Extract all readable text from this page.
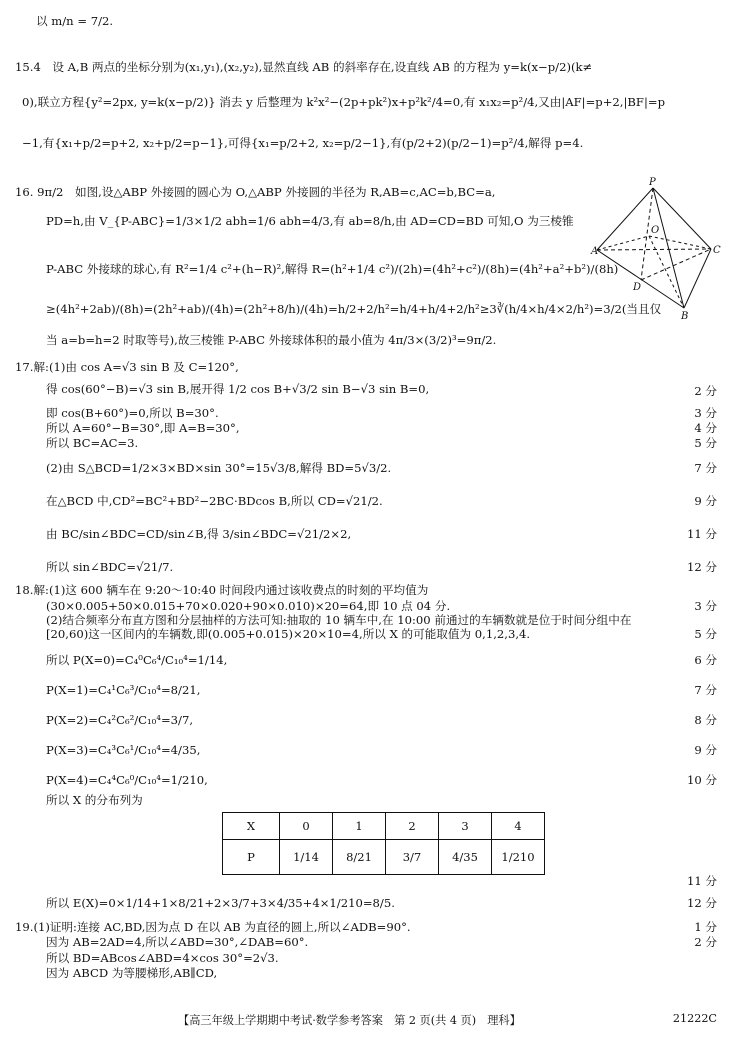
以 m/n = 7/2.
15.4　设 A,B 两点的坐标分别为(x₁,y₁),(x₂,y₂),显然直线 AB 的斜率存在,设直线 AB 的方程为 y=k(x−p/2)(k≠
0),联立方程{y²=2px, y=k(x−p/2)} 消去 y 后整理为 k²x²−(2p+pk²)x+p²k²/4=0,有 x₁x₂=p²/4,又由|AF|=p+2,|BF|=p
−1,有{x₁+p/2=p+2, x₂+p/2=p−1},可得{x₁=p/2+2, x₂=p/2−1},有(p/2+2)(p/2−1)=p²/4,解得 p=4.
16. 9π/2　如图,设△ABP 外接圆的圆心为 O,△ABP 外接圆的半径为 R,AB=c,AC=b,BC=a,
PD=h,由 V_{P-ABC}=1/3×1/2 abh=1/6 abh=4/3,有 ab=8/h,由 AD=CD=BD 可知,O 为三棱锥
P-ABC 外接球的球心,有 R²=1/4 c²+(h−R)²,解得 R=(h²+1/4 c²)/(2h)=(4h²+c²)/(8h)=(4h²+a²+b²)/(8h)
≥(4h²+2ab)/(8h)=(2h²+ab)/(4h)=(2h²+8/h)/(4h)=h/2+2/h²=h/4+h/4+2/h²≥3∛(h/4×h/4×2/h²)=3/2(当且仅
当 a=b=h=2 时取等号),故三棱锥 P-ABC 外接球体积的最小值为 4π/3×(3/2)³=9π/2.
P
A	C
B
D
O
17.解:(1)由 cos A=√3 sin B 及 C=120°,
得 cos(60°−B)=√3 sin B,展开得 1/2 cos B+√3/2 sin B−√3 sin B=0,	2 分
即 cos(B+60°)=0,所以 B=30°.	3 分
所以 A=60°−B=30°,即 A=B=30°,	4 分
所以 BC=AC=3.	5 分
(2)由 S△BCD=1/2×3×BD×sin 30°=15√3/8,解得 BD=5√3/2.	7 分
在△BCD 中,CD²=BC²+BD²−2BC·BDcos B,所以 CD=√21/2.	9 分
由 BC/sin∠BDC=CD/sin∠B,得 3/sin∠BDC=√21/2×2,	11 分
所以 sin∠BDC=√21/7.	12 分
18.解:(1)这 600 辆车在 9:20～10:40 时间段内通过该收费点的时刻的平均值为
(30×0.005+50×0.015+70×0.020+90×0.010)×20=64,即 10 点 04 分.	3 分
(2)结合频率分布直方图和分层抽样的方法可知:抽取的 10 辆车中,在 10:00 前通过的车辆数就是位于时间分组中在
[20,60)这一区间内的车辆数,即(0.005+0.015)×20×10=4,所以 X 的可能取值为 0,1,2,3,4.	5 分
所以 P(X=0)=C₄⁰C₆⁴/C₁₀⁴=1/14,	6 分
P(X=1)=C₄¹C₆³/C₁₀⁴=8/21,	7 分
P(X=2)=C₄²C₆²/C₁₀⁴=3/7,	8 分
P(X=3)=C₄³C₆¹/C₁₀⁴=4/35,	9 分
P(X=4)=C₄⁴C₆⁰/C₁₀⁴=1/210,	10 分
所以 X 的分布列为
X	0	1	2	3	4
P	1/14	8/21	3/7	4/35	1/210
11 分
所以 E(X)=0×1/14+1×8/21+2×3/7+3×4/35+4×1/210=8/5.	12 分
19.(1)证明:连接 AC,BD,因为点 D 在以 AB 为直径的圆上,所以∠ADB=90°.	1 分
因为 AB=2AD=4,所以∠ABD=30°,∠DAB=60°.	2 分
所以 BD=ABcos∠ABD=4×cos 30°=2√3.
因为 ABCD 为等腰梯形,AB∥CD,
【高三年级上学期期中考试·数学参考答案　第 2 页(共 4 页)　理科】	21222C
